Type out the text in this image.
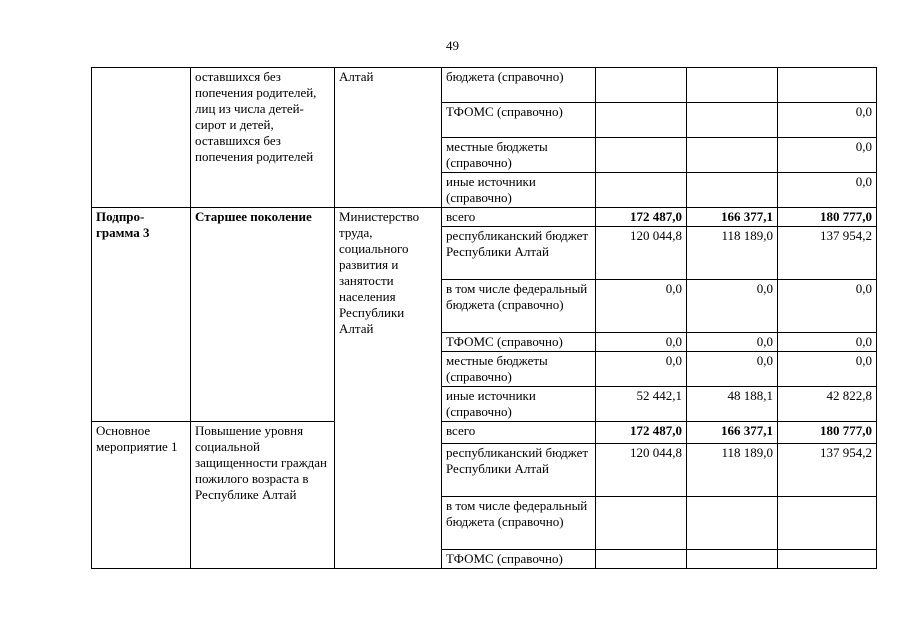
49
	оставшихся без попечения родителей, лиц из числа детей-сирот и детей, оставшихся без попечения родителей	Алтай	бюджета (справочно)			
			ТФОМС (справочно)			0,0
			местные бюджеты (справочно)			0,0
			иные источники (справочно)			0,0
Подпро-грамма 3	Старшее поколение	Министерство труда, социального развития и занятости населения Республики Алтай	всего	172 487,0	166 377,1	180 777,0
			республиканский бюджет Республики Алтай	120 044,8	118 189,0	137 954,2
			в том числе федеральный бюджета (справочно)	0,0	0,0	0,0
			ТФОМС (справочно)	0,0	0,0	0,0
			местные бюджеты (справочно)	0,0	0,0	0,0
			иные источники (справочно)	52 442,1	48 188,1	42 822,8
Основное мероприятие 1	Повышение уровня социальной защищенности граждан пожилого возраста в Республике Алтай		всего	172 487,0	166 377,1	180 777,0
			республиканский бюджет Республики Алтай	120 044,8	118 189,0	137 954,2
			в том числе федеральный бюджета (справочно)			
			ТФОМС (справочно)			
